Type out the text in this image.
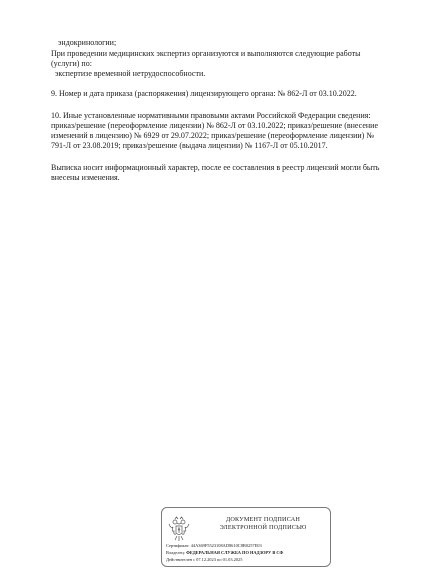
эндокринологии;
При проведении медицинских экспертиз организуются и выполняются следующие работы
(услуги) по:
экспертизе временной нетрудоспособности.
9. Номер и дата приказа (распоряжения) лицензирующего органа: № 862-Л от 03.10.2022.
10. Иные установленные нормативными правовыми актами Российской Федерации сведения:
приказ/решение (переоформление лицензии) № 862-Л от 03.10.2022; приказ/решение (внесение
изменений в лицензию) № 6929 от 29.07.2022; приказ/решение (переоформление лицензии) №
791-Л от 23.08.2019; приказ/решение (выдача лицензии) № 1167-Л от 05.10.2017.
Выписка носит информационный характер, после ее составления в реестр лицензий могли быть
внесены изменения.
ДОКУМЕНТ ПОДПИСАН
ЭЛЕКТРОННОЙ ПОДПИСЬЮ
Сертификат: 44A369F5523108AD8610C8B0257E03
Владелец: ФЕДЕРАЛЬНАЯ СЛУЖБА ПО НАДЗОРУ В СФ
Действителен с 07.12.2023 по 01.03.2025
